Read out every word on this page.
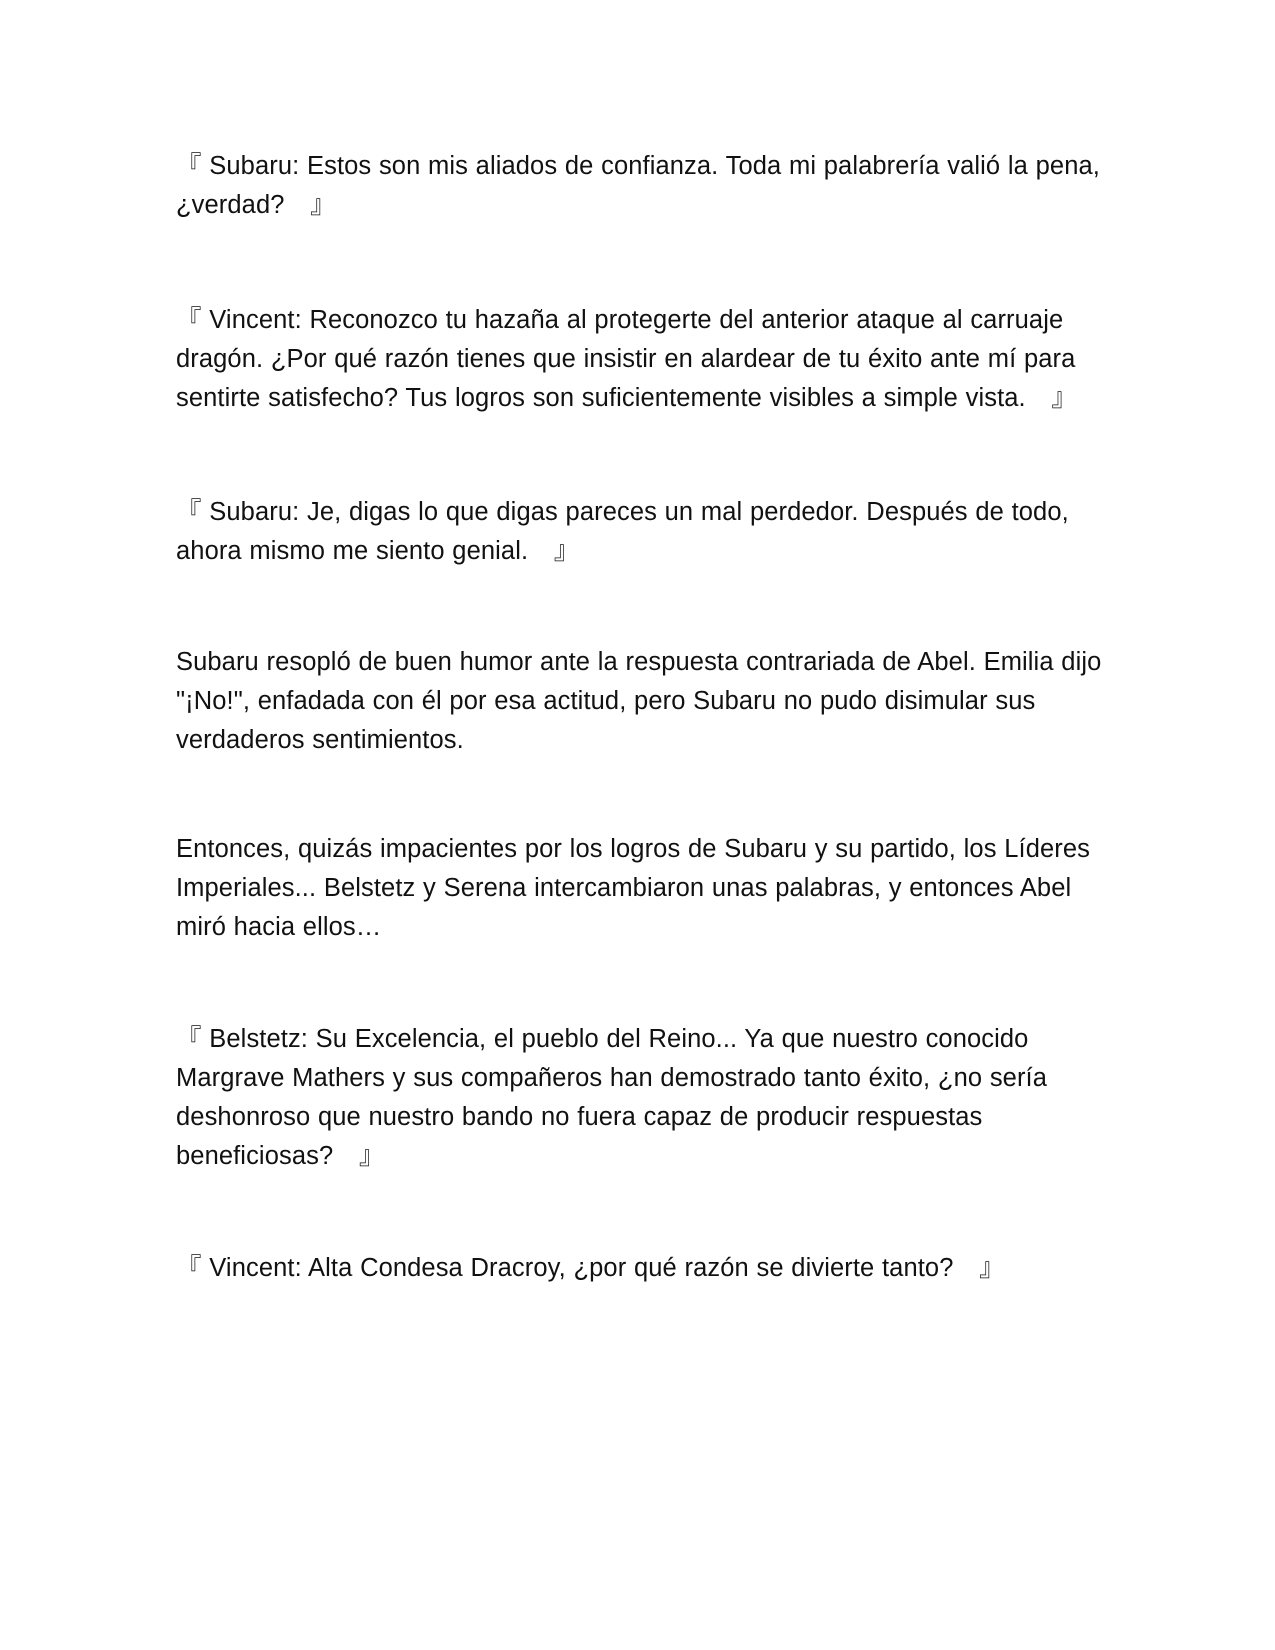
『 Subaru: Estos son mis aliados de confianza. Toda mi palabrería valió la pena, ¿verdad?　』

『 Vincent: Reconozco tu hazaña al protegerte del anterior ataque al carruaje dragón. ¿Por qué razón tienes que insistir en alardear de tu éxito ante mí para sentirte satisfecho? Tus logros son suficientemente visibles a simple vista.　』

『 Subaru: Je, digas lo que digas pareces un mal perdedor. Después de todo, ahora mismo me siento genial.　』

Subaru resopló de buen humor ante la respuesta contrariada de Abel. Emilia dijo "¡No!", enfadada con él por esa actitud, pero Subaru no pudo disimular sus verdaderos sentimientos.

Entonces, quizás impacientes por los logros de Subaru y su partido, los Líderes Imperiales... Belstetz y Serena intercambiaron unas palabras, y entonces Abel miró hacia ellos…

『 Belstetz: Su Excelencia, el pueblo del Reino... Ya que nuestro conocido Margrave Mathers y sus compañeros han demostrado tanto éxito, ¿no sería deshonroso que nuestro bando no fuera capaz de producir respuestas beneficiosas?　』

『 Vincent: Alta Condesa Dracroy, ¿por qué razón se divierte tanto?　』
